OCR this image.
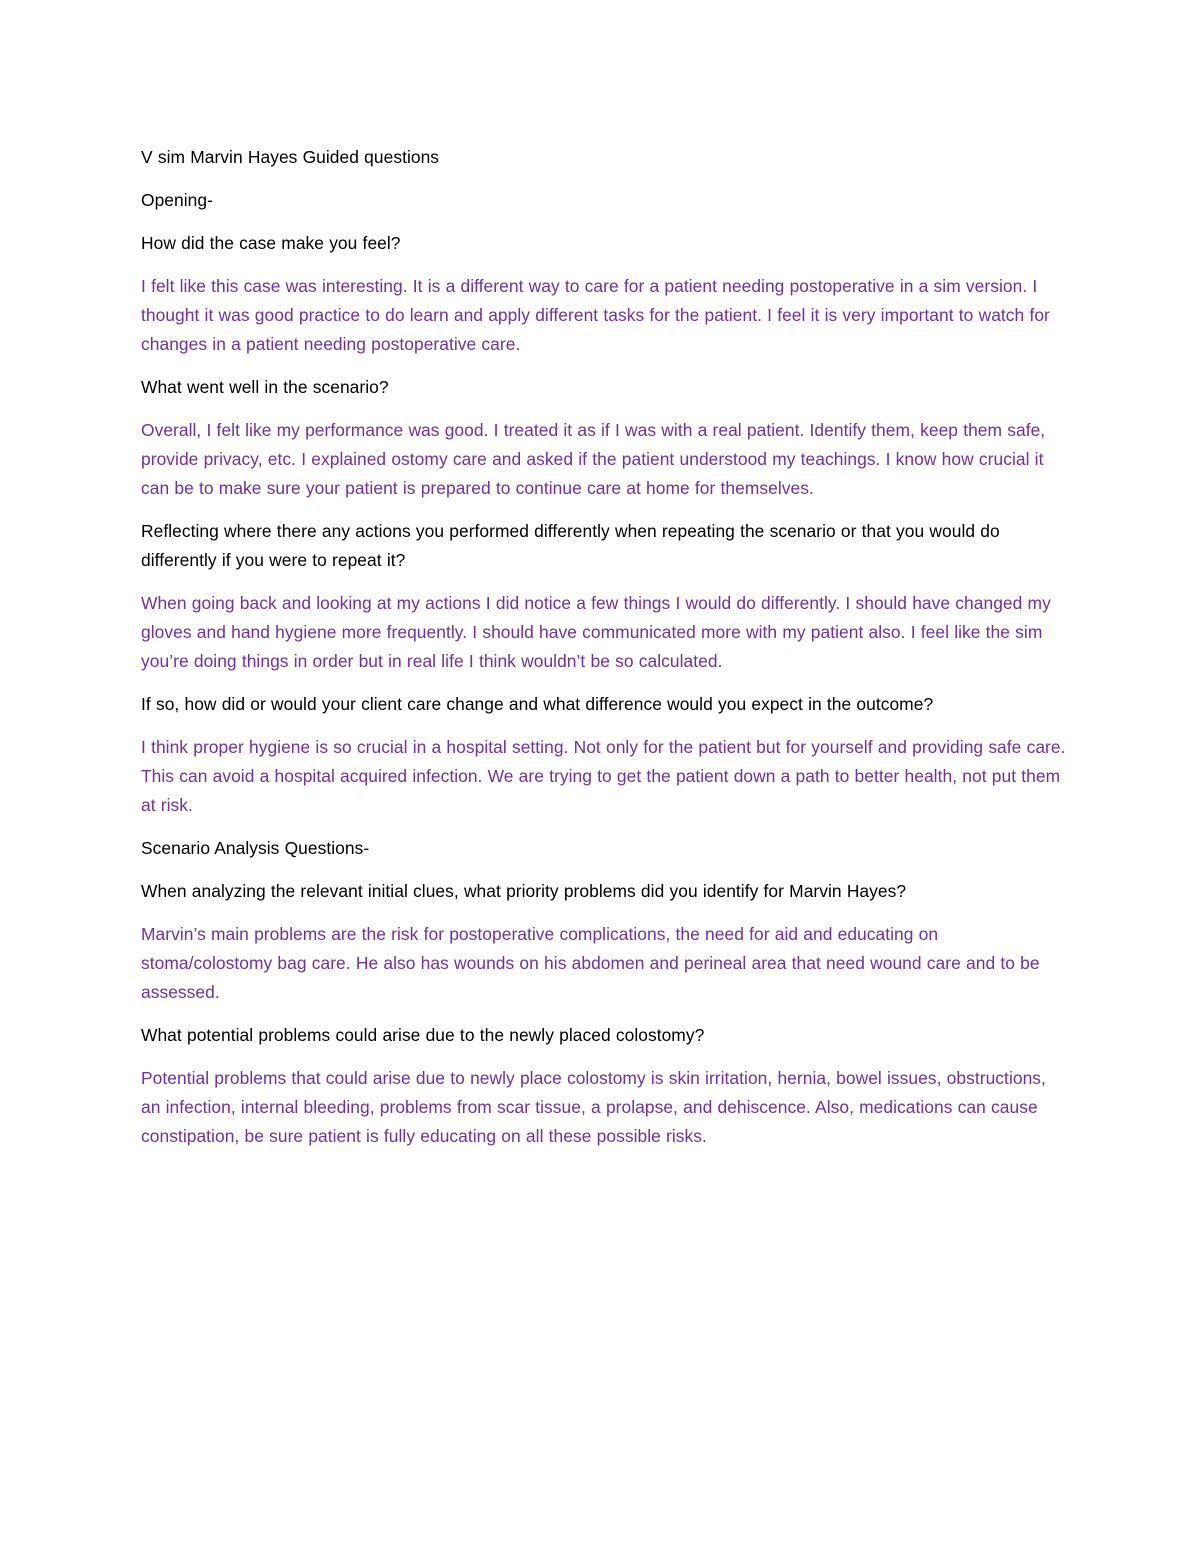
V sim Marvin Hayes Guided questions

Opening-

How did the case make you feel?

I felt like this case was interesting. It is a different way to care for a patient needing postoperative in a sim version. I thought it was good practice to do learn and apply different tasks for the patient. I feel it is very important to watch for changes in a patient needing postoperative care.

What went well in the scenario?

Overall, I felt like my performance was good. I treated it as if I was with a real patient. Identify them, keep them safe, provide privacy, etc. I explained ostomy care and asked if the patient understood my teachings. I know how crucial it can be to make sure your patient is prepared to continue care at home for themselves.

Reflecting where there any actions you performed differently when repeating the scenario or that you would do differently if you were to repeat it?

When going back and looking at my actions I did notice a few things I would do differently. I should have changed my gloves and hand hygiene more frequently. I should have communicated more with my patient also. I feel like the sim you’re doing things in order but in real life I think wouldn’t be so calculated.

If so, how did or would your client care change and what difference would you expect in the outcome?

I think proper hygiene is so crucial in a hospital setting. Not only for the patient but for yourself and providing safe care. This can avoid a hospital acquired infection. We are trying to get the patient down a path to better health, not put them at risk.

Scenario Analysis Questions-

When analyzing the relevant initial clues, what priority problems did you identify for Marvin Hayes?

Marvin’s main problems are the risk for postoperative complications, the need for aid and educating on stoma/colostomy bag care. He also has wounds on his abdomen and perineal area that need wound care and to be assessed.

What potential problems could arise due to the newly placed colostomy?

Potential problems that could arise due to newly place colostomy is skin irritation, hernia, bowel issues, obstructions, an infection, internal bleeding, problems from scar tissue, a prolapse, and dehiscence. Also, medications can cause constipation, be sure patient is fully educating on all these possible risks.
